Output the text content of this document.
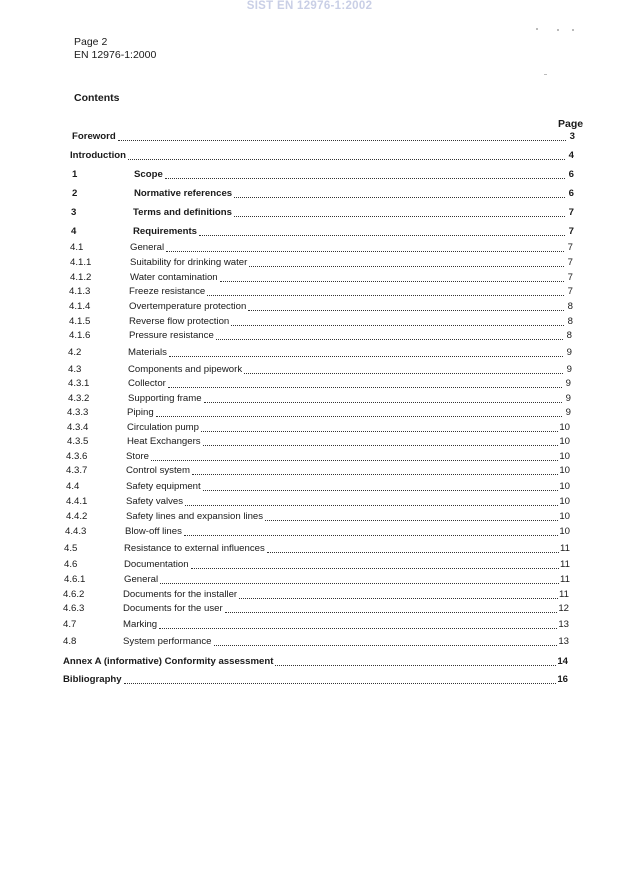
SIST EN 12976-1:2002
Page 2
EN 12976-1:2000
Contents
Page
Foreword	3
Introduction	4
1	Scope	6
2	Normative references	6
3	Terms and definitions	7
4	Requirements	7
4.1	General	7
4.1.1	Suitability for drinking water	7
4.1.2	Water contamination	7
4.1.3	Freeze resistance	7
4.1.4	Overtemperature protection	8
4.1.5	Reverse flow protection	8
4.1.6	Pressure resistance	8
4.2	Materials	9
4.3	Components and pipework	9
4.3.1	Collector	9
4.3.2	Supporting frame	9
4.3.3	Piping	9
4.3.4	Circulation pump	10
4.3.5	Heat Exchangers	10
4.3.6	Store	10
4.3.7	Control system	10
4.4	Safety equipment	10
4.4.1	Safety valves	10
4.4.2	Safety lines and expansion lines	10
4.4.3	Blow-off lines	10
4.5	Resistance to external influences	11
4.6	Documentation	11
4.6.1	General	11
4.6.2	Documents for the installer	11
4.6.3	Documents for the user	12
4.7	Marking	13
4.8	System performance	13
Annex A (informative) Conformity assessment	14
Bibliography	16
